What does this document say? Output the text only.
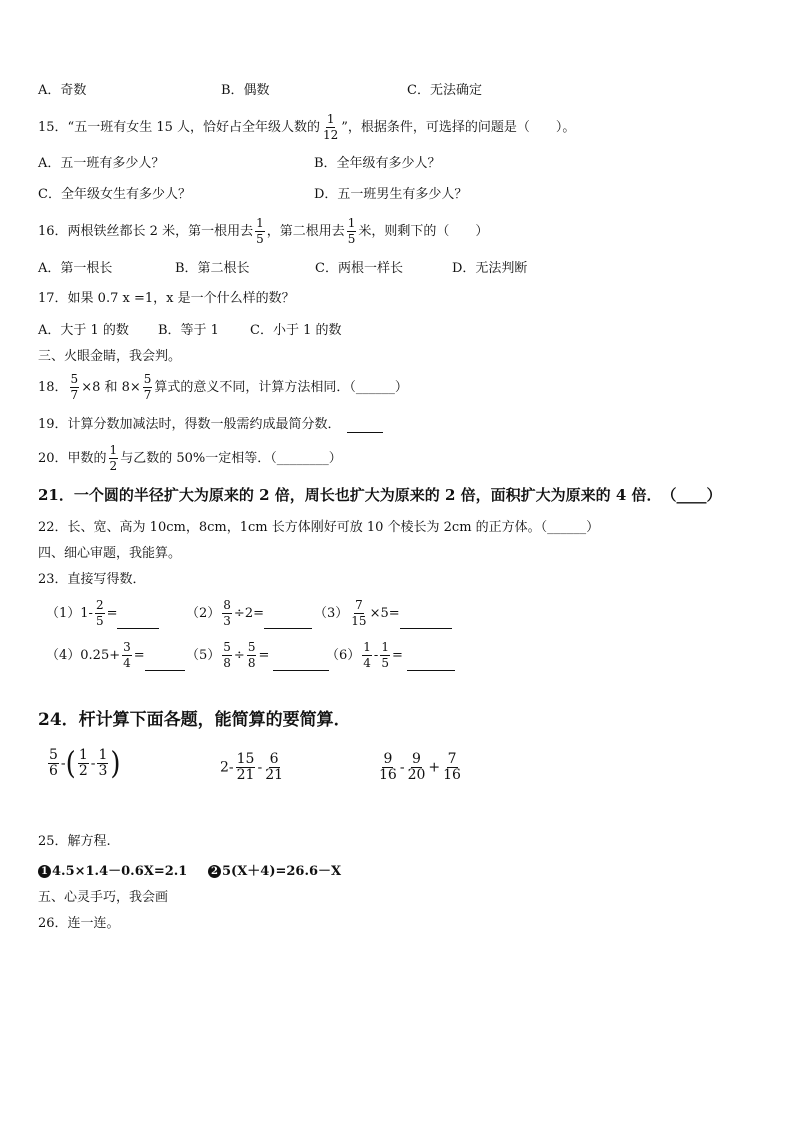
A．奇数	B．偶数	C．无法确定
15．“五一班有女生 15 人，恰好占全年级人数的 $\frac{1}{12}$ ”，根据条件，可选择的问题是（　　）。
A．五一班有多少人？	B．全年级有多少人？
C．全年级女生有多少人？	D．五一班男生有多少人？
16．两根铁丝都长 2 米，第一根用去 $\frac{1}{5}$ ，第二根用去 $\frac{1}{5}$ 米，则剩下的（　　）
A．第一根长	B．第二根长	C．两根一样长	D．无法判断
17．如果 0.7 x =1，x 是一个什么样的数？
A．大于 1 的数 B．等于 1 C．小于 1 的数
三、火眼金睛，我会判。
18． $\frac{5}{7} \times 8$ 和 $8\times \frac{5}{7}$ 算式的意义不同，计算方法相同．（______）
19．计算分数加减法时，得数一般需约成最简分数．
20．甲数的 $\frac{1}{2}$ 与乙数的 50%一定相等．（________）
21．一个圆的半径扩大为原来的 2 倍，周长也扩大为原来的 2 倍，面积扩大为原来的 4 倍．　（____）
22．长、宽、高为 10cm，8cm，1cm 长方体刚好可放 10 个棱长为 2cm 的正方体。（______）
四、细心审题，我能算。
23．直接写得数．
$(1)1- \frac{2}{5}$ =	$(2) \frac{8}{3} \div 2=$	$(3) \frac{7}{15} \times 5=$
$(4)0.25+ \frac{3}{4}$ =	$(5) \frac{5}{8} \div \frac{5}{8}$ =	$(6) \frac{1}{4} - \frac{1}{5}$ =
24．杆计算下面各题，能简算的要简算．
$\frac{5}{6}$ -( $\frac{1}{2} - \frac{1}{3}$ )	$2- \frac{15}{21} - \frac{6}{21}$	$\frac{9}{16} - \frac{9}{20} + \frac{7}{16}$
25．解方程.
1 4.5×1.4－0.6X=2.1	2 5(X＋4)=26.6－X
五、心灵手巧，我会画
26．连一连。
